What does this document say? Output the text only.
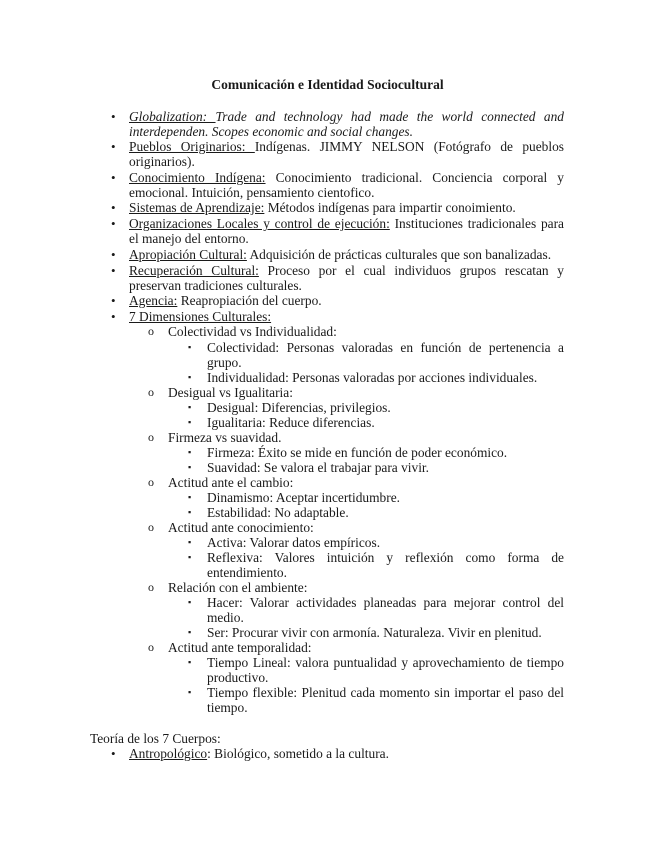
Comunicación e Identidad Sociocultural
• Globalization: Trade and technology had made the world connected and interdependen. Scopes economic and social changes.
• Pueblos Originarios: Indígenas. JIMMY NELSON (Fotógrafo de pueblos originarios).
• Conocimiento Indígena: Conocimiento tradicional. Conciencia corporal y emocional. Intuición, pensamiento cientofico.
• Sistemas de Aprendizaje: Métodos indígenas para impartir conoimiento.
• Organizaciones Locales y control de ejecución: Instituciones tradicionales para el manejo del entorno.
• Apropiación Cultural: Adquisición de prácticas culturales que son banalizadas.
• Recuperación Cultural: Proceso por el cual individuos grupos rescatan y preservan tradiciones culturales.
• Agencia: Reapropiación del cuerpo.
• 7 Dimensiones Culturales:
o Colectividad vs Individualidad:
▪ Colectividad: Personas valoradas en función de pertenencia a grupo.
▪ Individualidad: Personas valoradas por acciones individuales.
o Desigual vs Igualitaria:
▪ Desigual: Diferencias, privilegios.
▪ Igualitaria: Reduce diferencias.
o Firmeza vs suavidad.
▪ Firmeza: Éxito se mide en función de poder económico.
▪ Suavidad: Se valora el trabajar para vivir.
o Actitud ante el cambio:
▪ Dinamismo: Aceptar incertidumbre.
▪ Estabilidad: No adaptable.
o Actitud ante conocimiento:
▪ Activa: Valorar datos empíricos.
▪ Reflexiva: Valores intuición y reflexión como forma de entendimiento.
o Relación con el ambiente:
▪ Hacer: Valorar actividades planeadas para mejorar control del medio.
▪ Ser: Procurar vivir con armonía. Naturaleza. Vivir en plenitud.
o Actitud ante temporalidad:
▪ Tiempo Lineal: valora puntualidad y aprovechamiento de tiempo productivo.
▪ Tiempo flexible: Plenitud cada momento sin importar el paso del tiempo.
Teoría de los 7 Cuerpos:
• Antropológico: Biológico, sometido a la cultura.
